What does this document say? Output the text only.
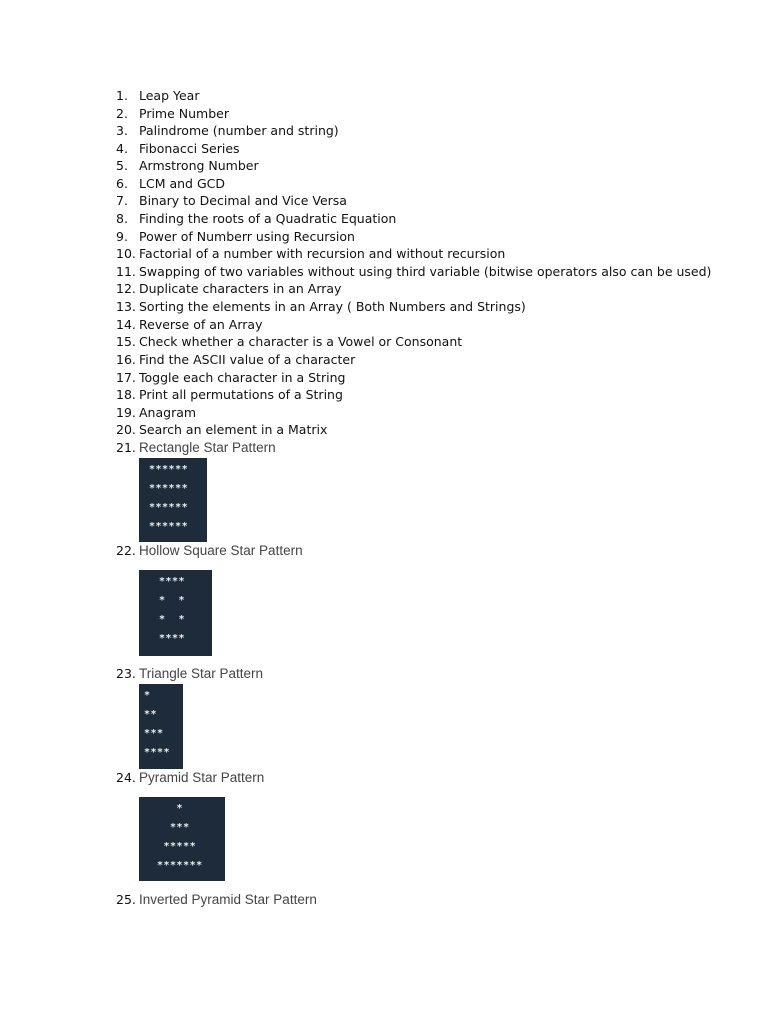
1. Leap Year
2. Prime Number
3. Palindrome (number and string)
4. Fibonacci Series
5. Armstrong Number
6. LCM and GCD
7. Binary to Decimal and Vice Versa
8. Finding the roots of a Quadratic Equation
9. Power of Numberr using Recursion
10. Factorial of a number with recursion and without recursion
11. Swapping of two variables without using third variable (bitwise operators also can be used)
12. Duplicate characters in an Array
13. Sorting the elements in an Array ( Both Numbers and Strings)
14. Reverse of an Array
15. Check whether a character is a Vowel or Consonant
16. Find the ASCII value of a character
17. Toggle each character in a String
18. Print all permutations of a String
19. Anagram
20. Search an element in a Matrix
21. Rectangle Star Pattern
******
******
******
******
22. Hollow Square Star Pattern
****
*  *
*  *
****
23. Triangle Star Pattern
*
**
***
****
24. Pyramid Star Pattern
*
***
*****
*******
25. Inverted Pyramid Star Pattern
